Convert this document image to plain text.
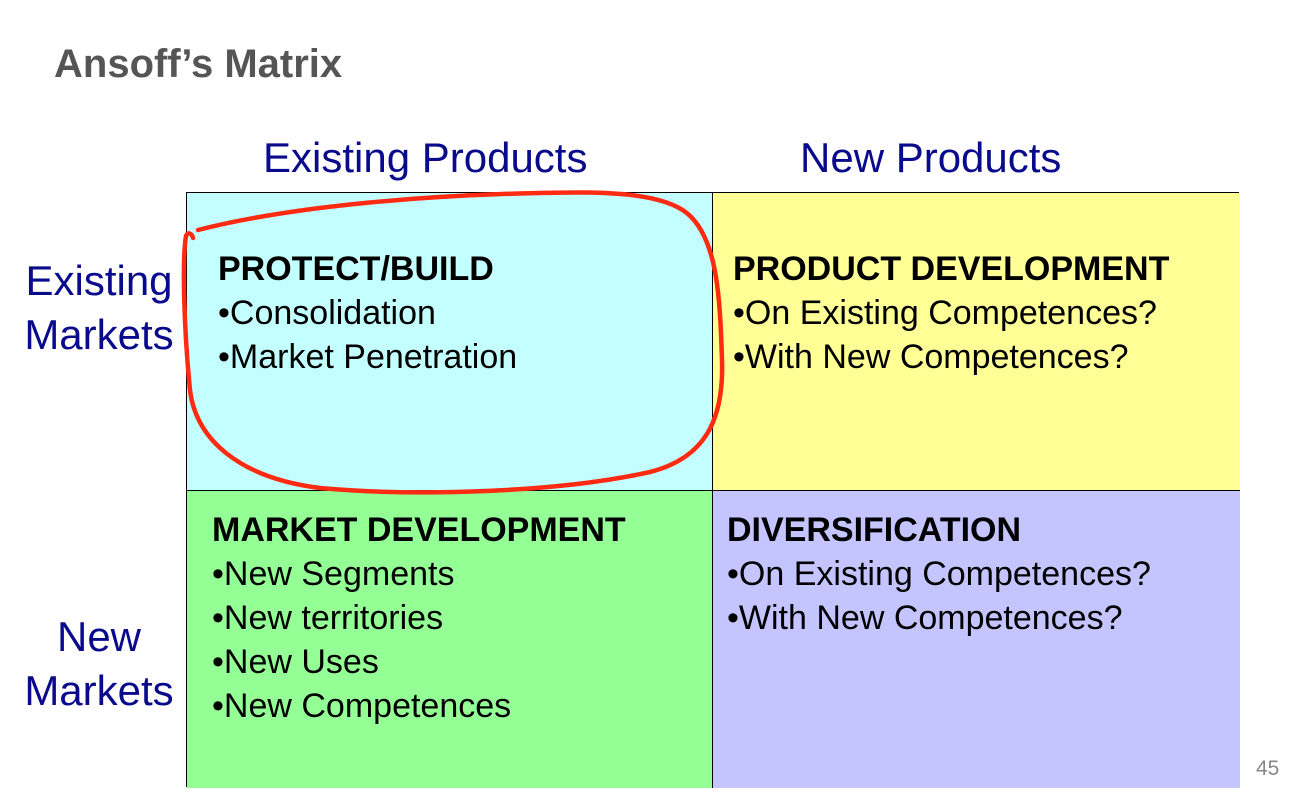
Ansoff’s Matrix
Existing Products	New Products
Existing
Markets
New
Markets
PROTECT/BUILD
• Consolidation
• Market Penetration
PRODUCT DEVELOPMENT
• On Existing Competences?
• With New Competences?
MARKET DEVELOPMENT
• New Segments
• New territories
• New Uses
• New Competences
DIVERSIFICATION
• On Existing Competences?
• With New Competences?
45
